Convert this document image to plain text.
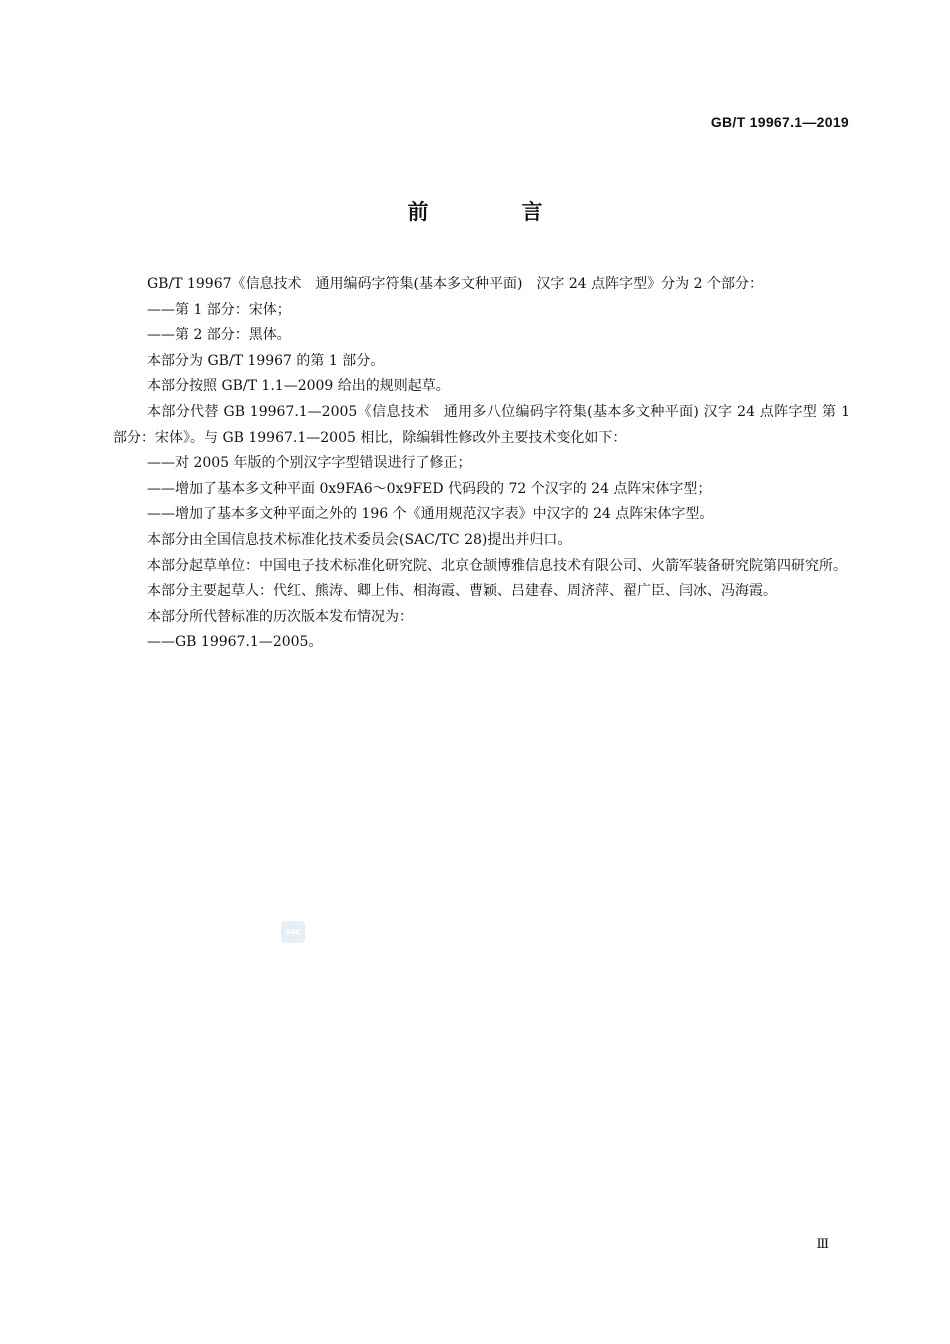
GB/T 19967.1—2019
前　言

GB/T 19967《信息技术　通用编码字符集(基本多文种平面)　汉字 24 点阵字型》分为 2 个部分：

——第 1 部分：宋体；

——第 2 部分：黑体。

本部分为 GB/T 19967 的第 1 部分。

本部分按照 GB/T 1.1—2009 给出的规则起草。

本部分代替 GB 19967.1—2005《信息技术　通用多八位编码字符集(基本多文种平面) 汉字 24 点阵字型 第 1 部分：宋体》。与 GB 19967.1—2005 相比，除编辑性修改外主要技术变化如下：

——对 2005 年版的个别汉字字型错误进行了修正；

——增加了基本多文种平面 0x9FA6～0x9FED 代码段的 72 个汉字的 24 点阵宋体字型；

——增加了基本多文种平面之外的 196 个《通用规范汉字表》中汉字的 24 点阵宋体字型。

本部分由全国信息技术标准化技术委员会(SAC/TC 28)提出并归口。

本部分起草单位：中国电子技术标准化研究院、北京仓颉博雅信息技术有限公司、火箭军装备研究院第四研究所。

本部分主要起草人：代红、熊涛、卿上伟、相海霞、曹颖、吕建春、周济萍、翟广臣、闫冰、冯海霞。

本部分所代替标准的历次版本发布情况为：

——GB 19967.1—2005。

SAC
Ⅲ
